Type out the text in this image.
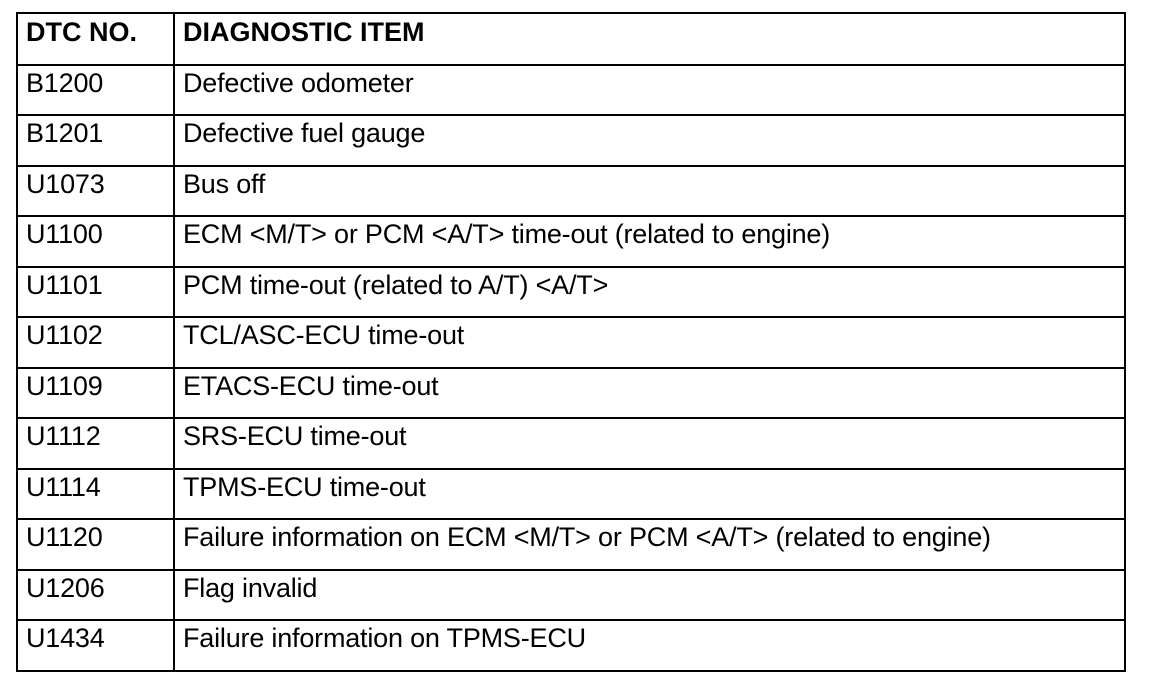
DTC NO.	DIAGNOSTIC ITEM
B1200	Defective odometer
B1201	Defective fuel gauge
U1073	Bus off
U1100	ECM <M/T> or PCM <A/T> time-out (related to engine)
U1101	PCM time-out (related to A/T) <A/T>
U1102	TCL/ASC-ECU time-out
U1109	ETACS-ECU time-out
U1112	SRS-ECU time-out
U1114	TPMS-ECU time-out
U1120	Failure information on ECM <M/T> or PCM <A/T> (related to engine)
U1206	Flag invalid
U1434	Failure information on TPMS-ECU
